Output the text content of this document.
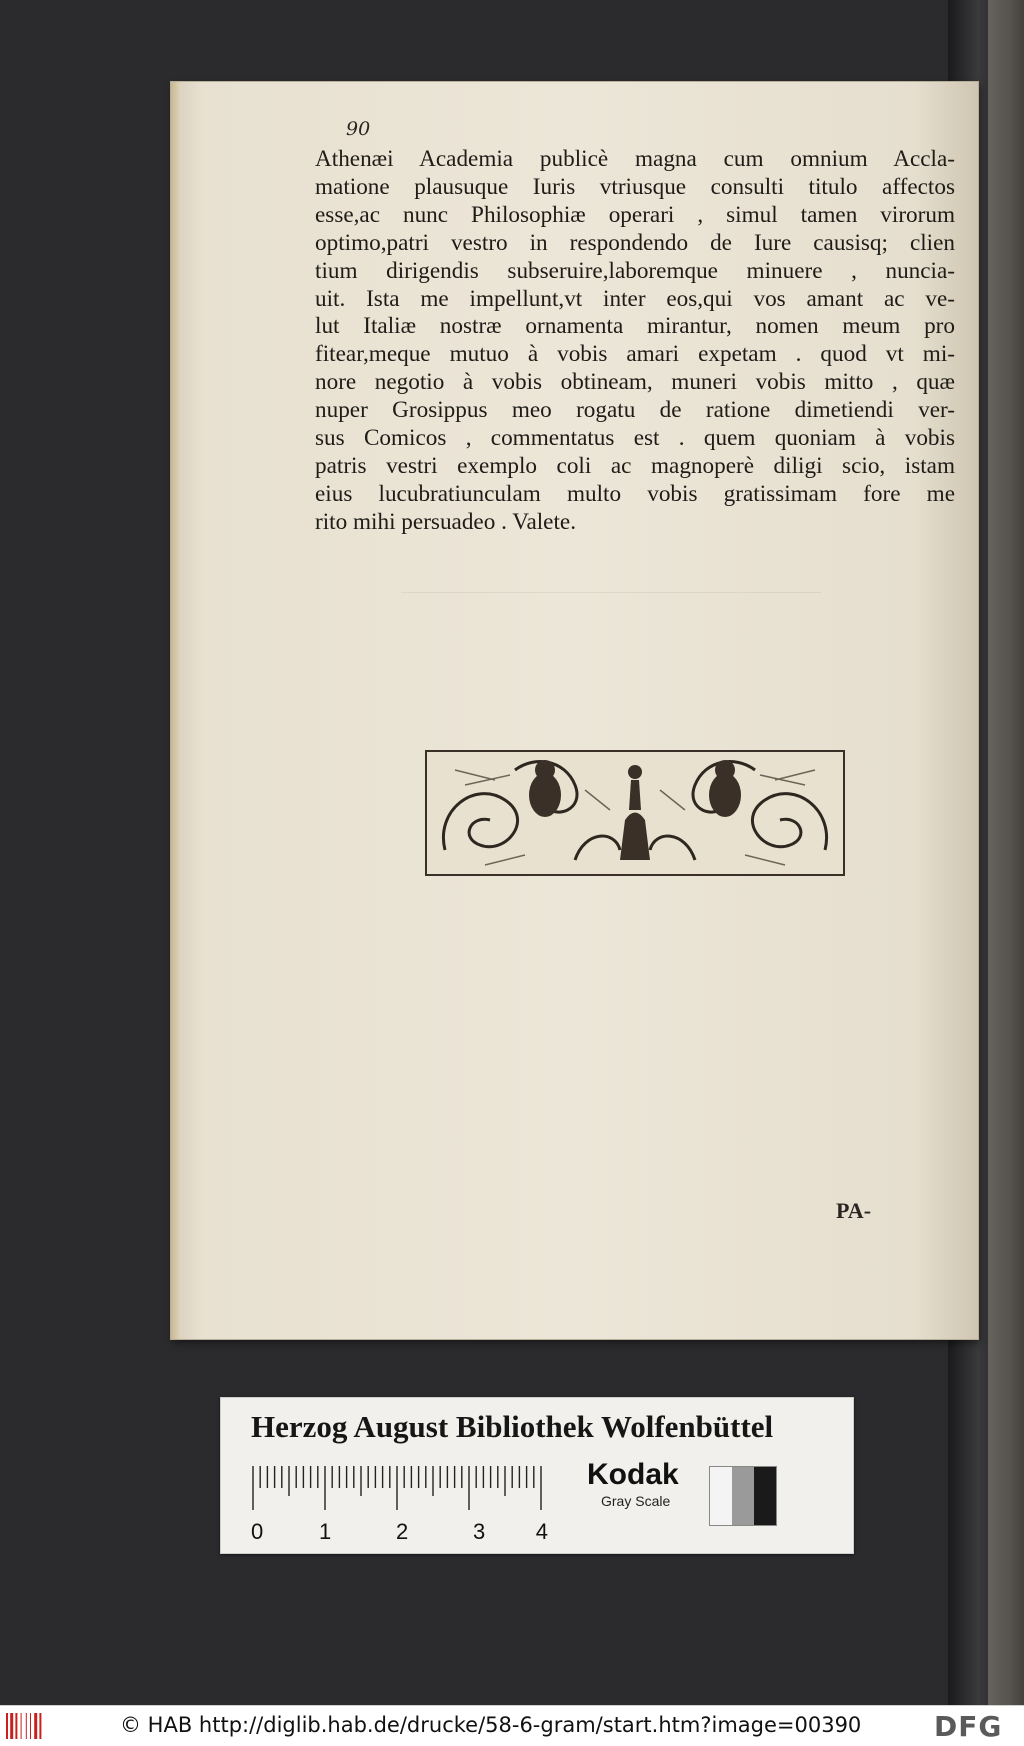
90
Athenæi Academia publicè magna cum omnium Accla-
matione plausuque Iuris vtriusque consulti titulo affectos
esse,ac nunc Philosophiæ operari , simul tamen virorum
optimo,patri vestro in respondendo de Iure causisq; clien
tium dirigendis subseruire,laboremque minuere , nuncia-
uit. Ista me impellunt,vt inter eos,qui vos amant ac ve-
lut Italiæ nostræ ornamenta mirantur, nomen meum pro
fitear,meque mutuo à vobis amari expetam . quod vt mi-
nore negotio à vobis obtineam, muneri vobis mitto , quæ
nuper Grosippus meo rogatu de ratione dimetiendi ver-
sus Comicos , commentatus est . quem quoniam à vobis
patris vestri exemplo coli ac magnoperè diligi scio, istam
eius lucubratiunculam multo vobis gratissimam fore me
rito mihi persuadeo . Valete.
PA-
Herzog August Bibliothek Wolfenbüttel
0	1	2	3 4
Kodak
Gray Scale
© HAB http://diglib.hab.de/drucke/58-6-gram/start.htm?image=00390	DFG
